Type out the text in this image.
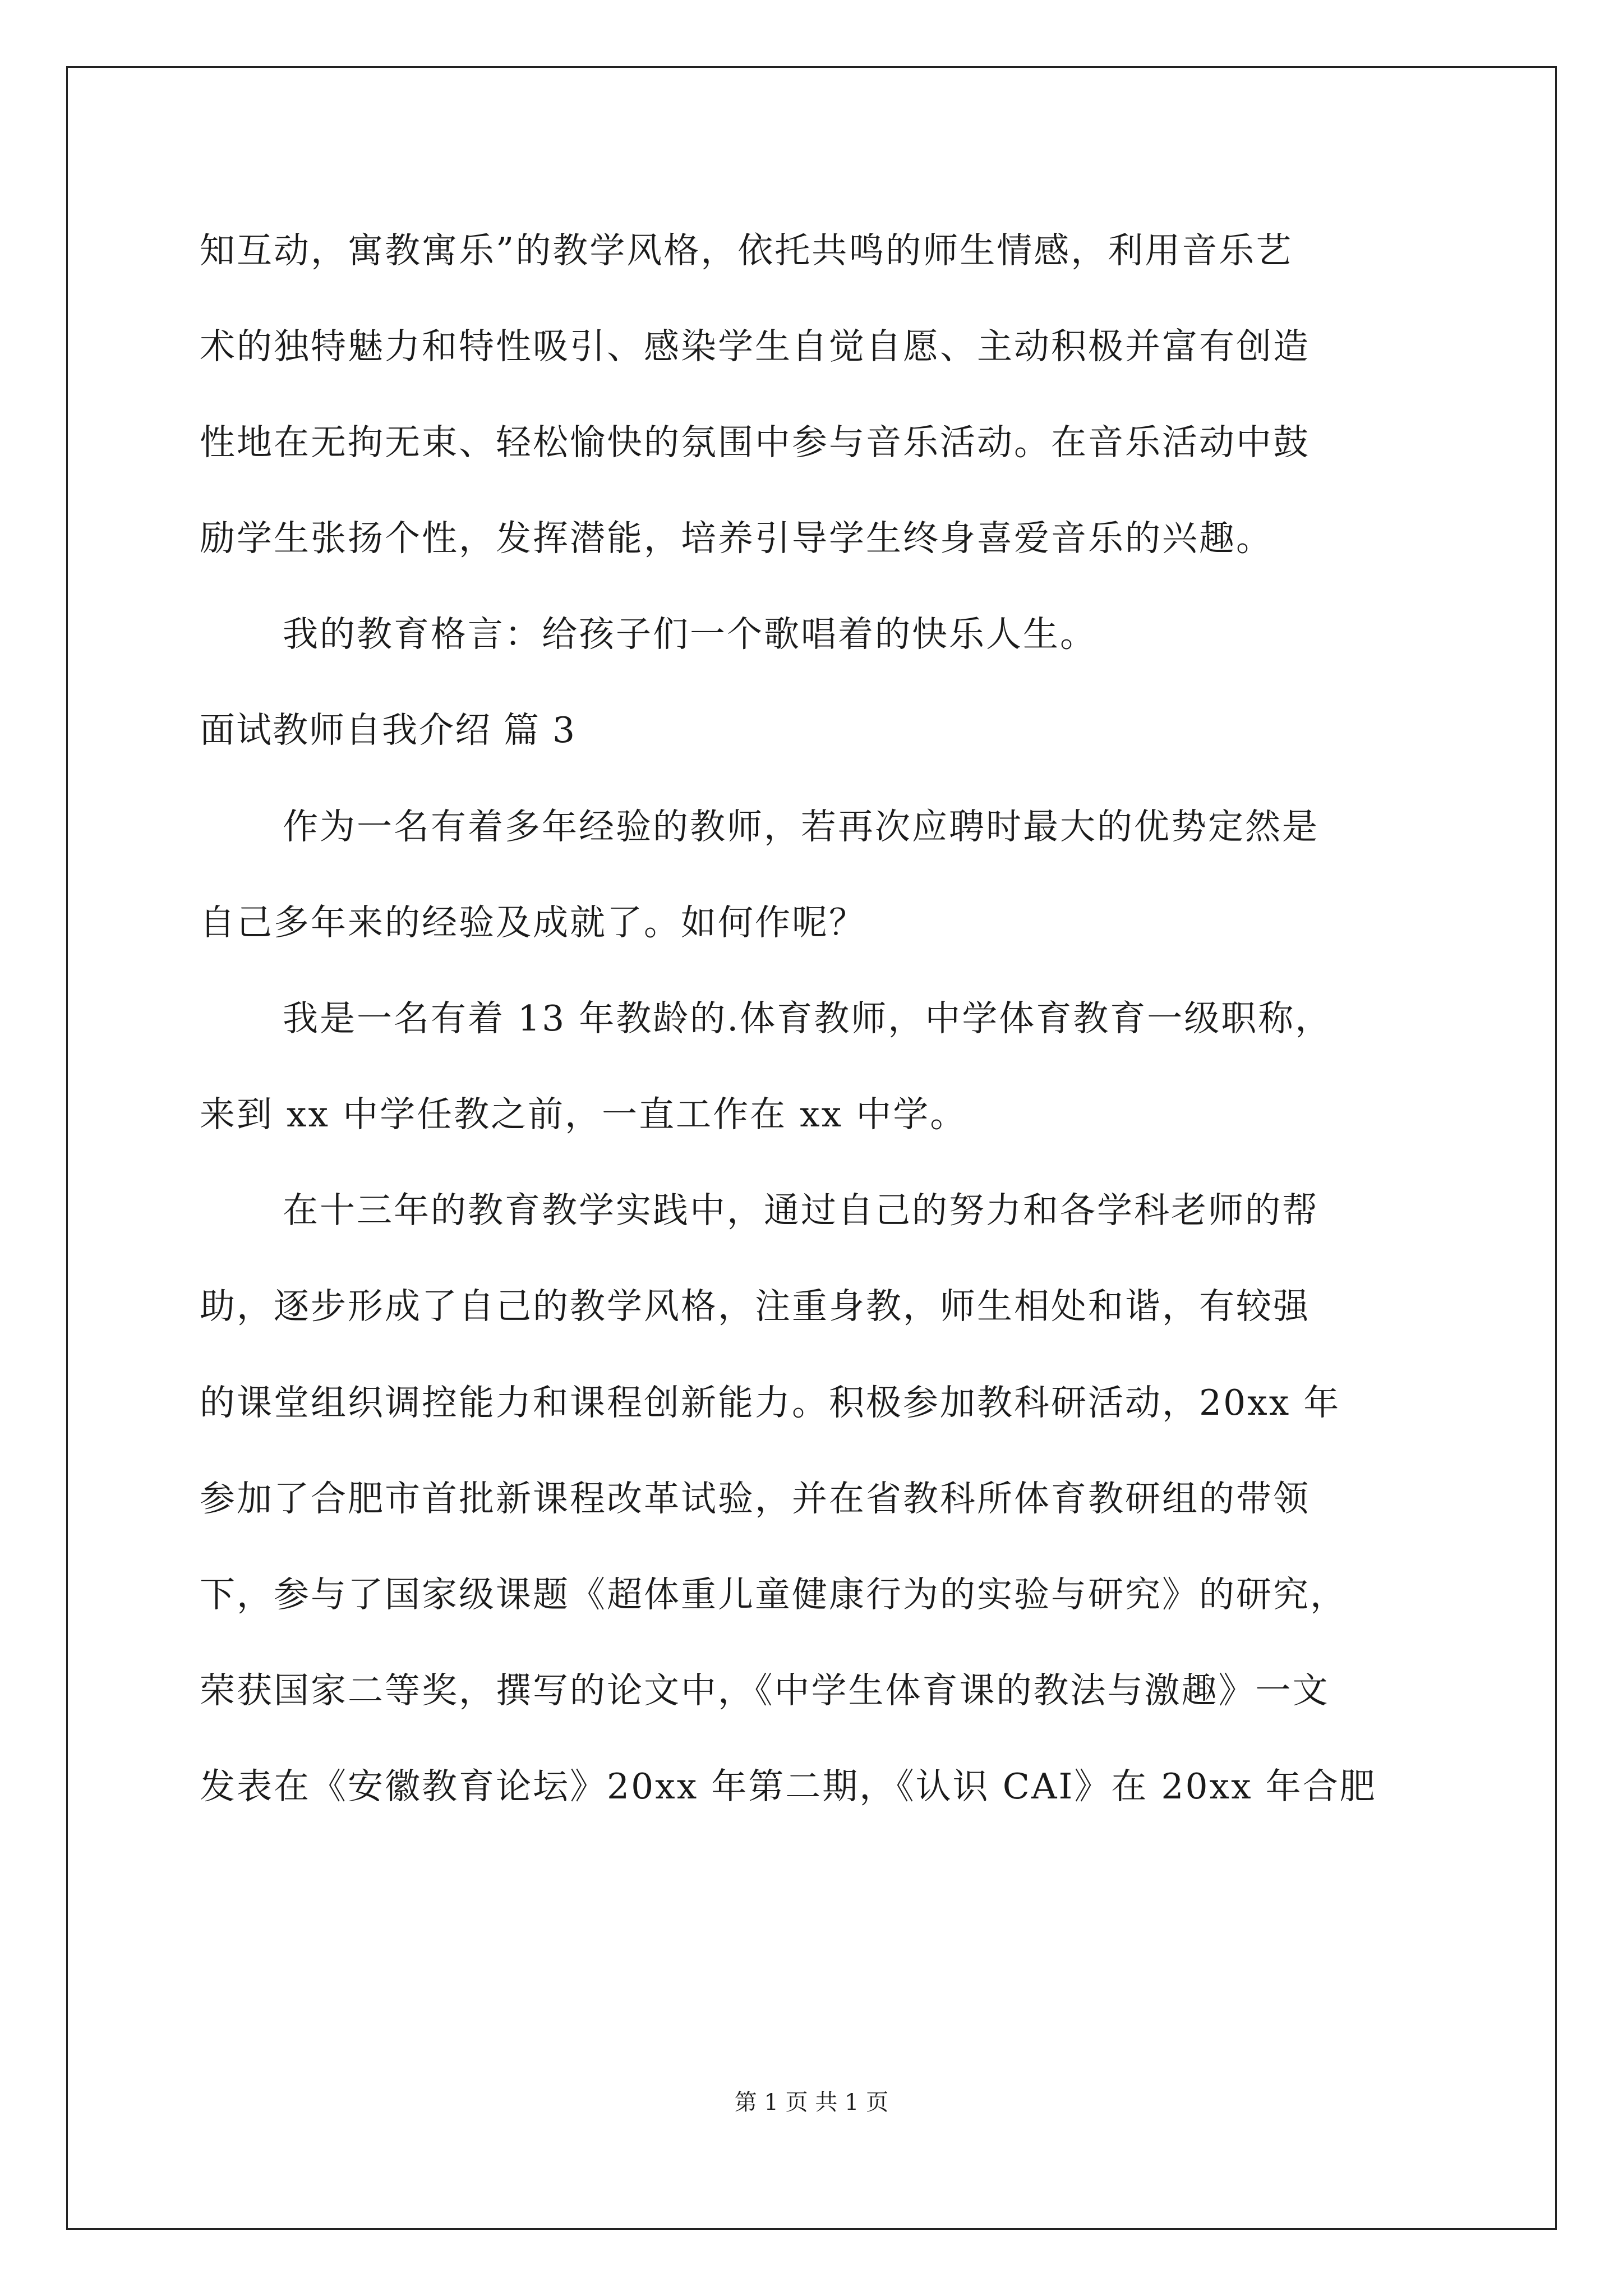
知互动，寓教寓乐”的教学风格，依托共鸣的师生情感，利用音乐艺
术的独特魅力和特性吸引、感染学生自觉自愿、主动积极并富有创造
性地在无拘无束、轻松愉快的氛围中参与音乐活动。在音乐活动中鼓
励学生张扬个性，发挥潜能，培养引导学生终身喜爱音乐的兴趣。
我的教育格言：给孩子们一个歌唱着的快乐人生。
面试教师自我介绍 篇 3
作为一名有着多年经验的教师，若再次应聘时最大的优势定然是
自己多年来的经验及成就了。如何作呢？
我是一名有着 13 年教龄的.体育教师，中学体育教育一级职称，
来到 xx 中学任教之前，一直工作在 xx 中学。
在十三年的教育教学实践中，通过自己的努力和各学科老师的帮
助，逐步形成了自己的教学风格，注重身教，师生相处和谐，有较强
的课堂组织调控能力和课程创新能力。积极参加教科研活动，20xx 年
参加了合肥市首批新课程改革试验，并在省教科所体育教研组的带领
下，参与了国家级课题《超体重儿童健康行为的实验与研究》的研究，
荣获国家二等奖，撰写的论文中，《中学生体育课的教法与激趣》一文
发表在《安徽教育论坛》20xx 年第二期，《认识 CAI》在 20xx 年合肥
第 1 页 共 1 页
